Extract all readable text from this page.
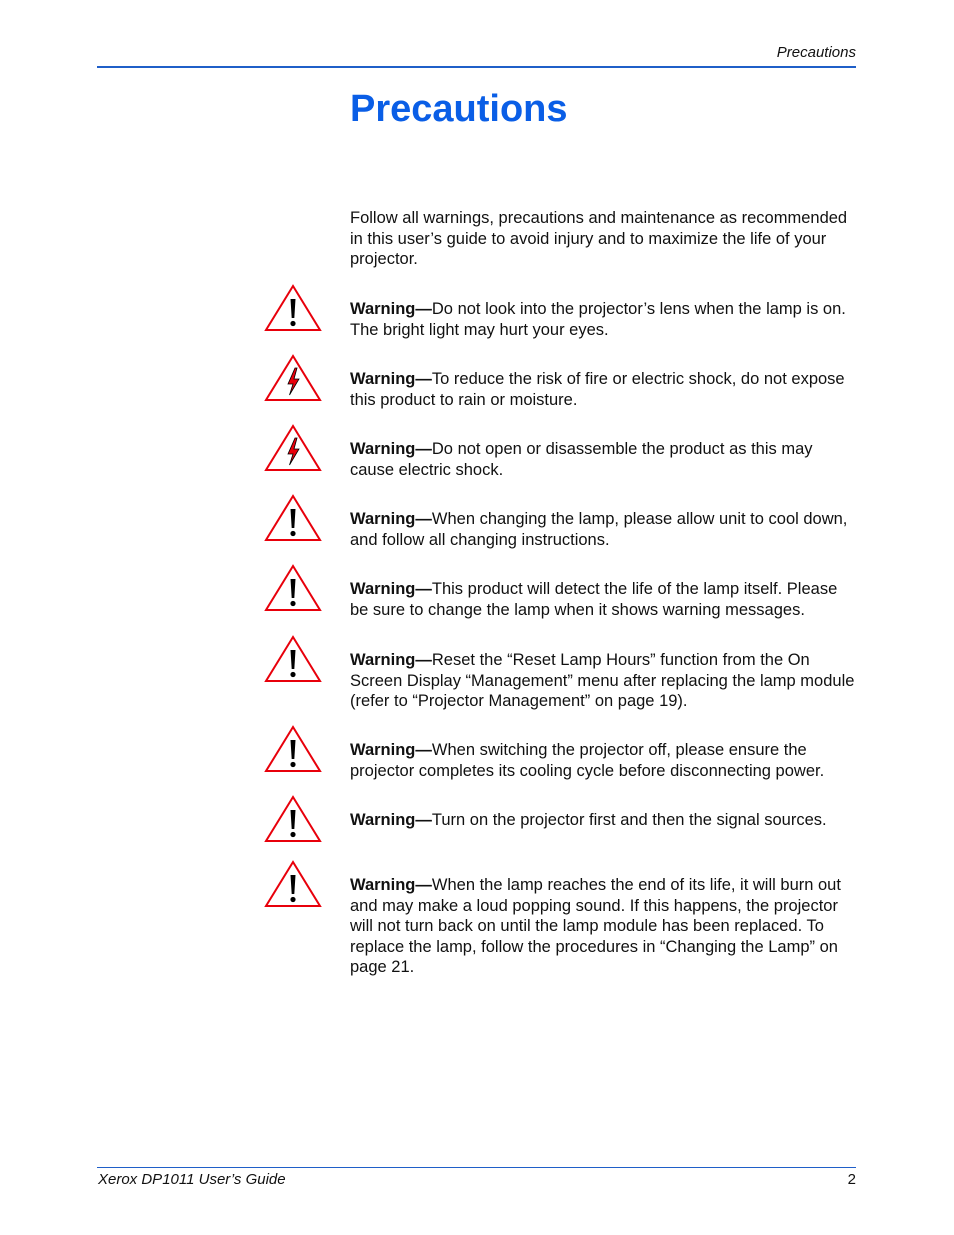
Precautions
Precautions
Follow all warnings, precautions and maintenance as recommended in this user’s guide to avoid injury and to maximize the life of your projector.
Warning—Do not look into the projector’s lens when the lamp is on. The bright light may hurt your eyes.
Warning—To reduce the risk of fire or electric shock, do not expose this product to rain or moisture.
Warning—Do not open or disassemble the product as this may cause electric shock.
Warning—When changing the lamp, please allow unit to cool down, and follow all changing instructions.
Warning—This product will detect the life of the lamp itself. Please be sure to change the lamp when it shows warning messages.
Warning—Reset the “Reset Lamp Hours” function from the On Screen Display “Management” menu after replacing the lamp module (refer to “Projector Management” on page 19).
Warning—When switching the projector off, please ensure the projector completes its cooling cycle before disconnecting power.
Warning—Turn on the projector first and then the signal sources.
Warning—When the lamp reaches the end of its life, it will burn out and may make a loud popping sound. If this happens, the projector will not turn back on until the lamp module has been replaced. To replace the lamp, follow the procedures in “Changing the Lamp” on page 21.
Xerox DP1011 User’s Guide	2
